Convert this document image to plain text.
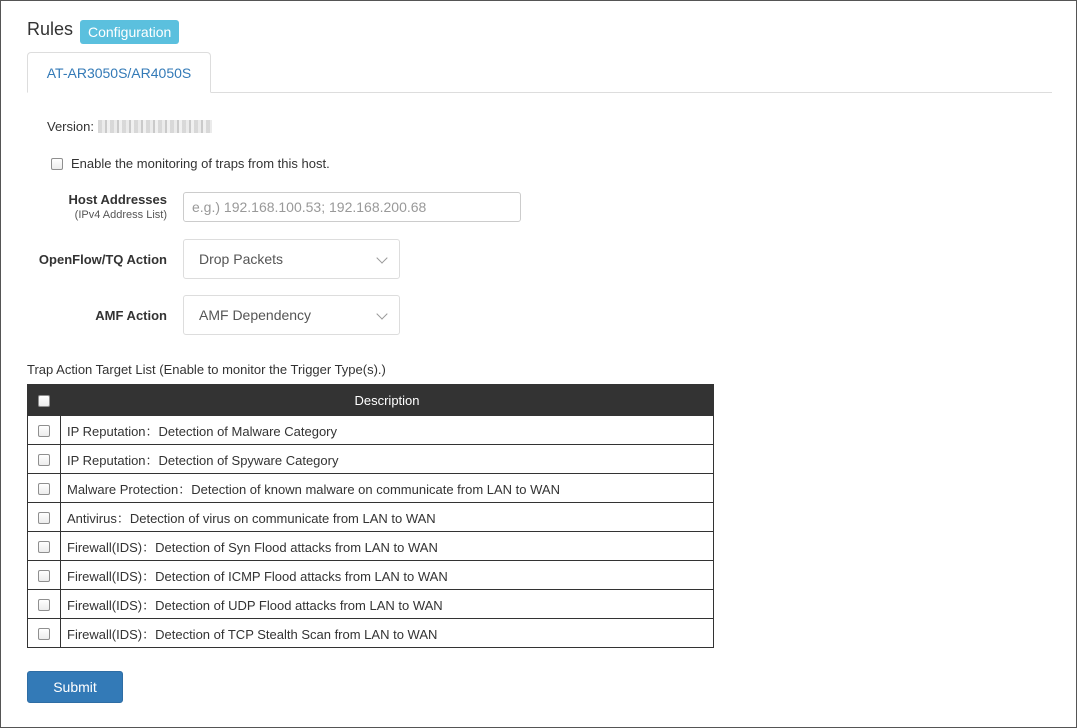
Rules	Configuration
AT-AR3050S/AR4050S
Version:
Enable the monitoring of traps from this host.
Host Addresses
(IPv4 Address List)
e.g.) 192.168.100.53; 192.168.200.68
OpenFlow/TQ Action	Drop Packets
AMF Action	AMF Dependency
Trap Action Target List (Enable to monitor the Trigger Type(s).)
	Description
	IP Reputation：Detection of Malware Category
	IP Reputation：Detection of Spyware Category
	Malware Protection：Detection of known malware on communicate from LAN to WAN
	Antivirus：Detection of virus on communicate from LAN to WAN
	Firewall(IDS)：Detection of Syn Flood attacks from LAN to WAN
	Firewall(IDS)：Detection of ICMP Flood attacks from LAN to WAN
	Firewall(IDS)：Detection of UDP Flood attacks from LAN to WAN
	Firewall(IDS)：Detection of TCP Stealth Scan from LAN to WAN
Submit
